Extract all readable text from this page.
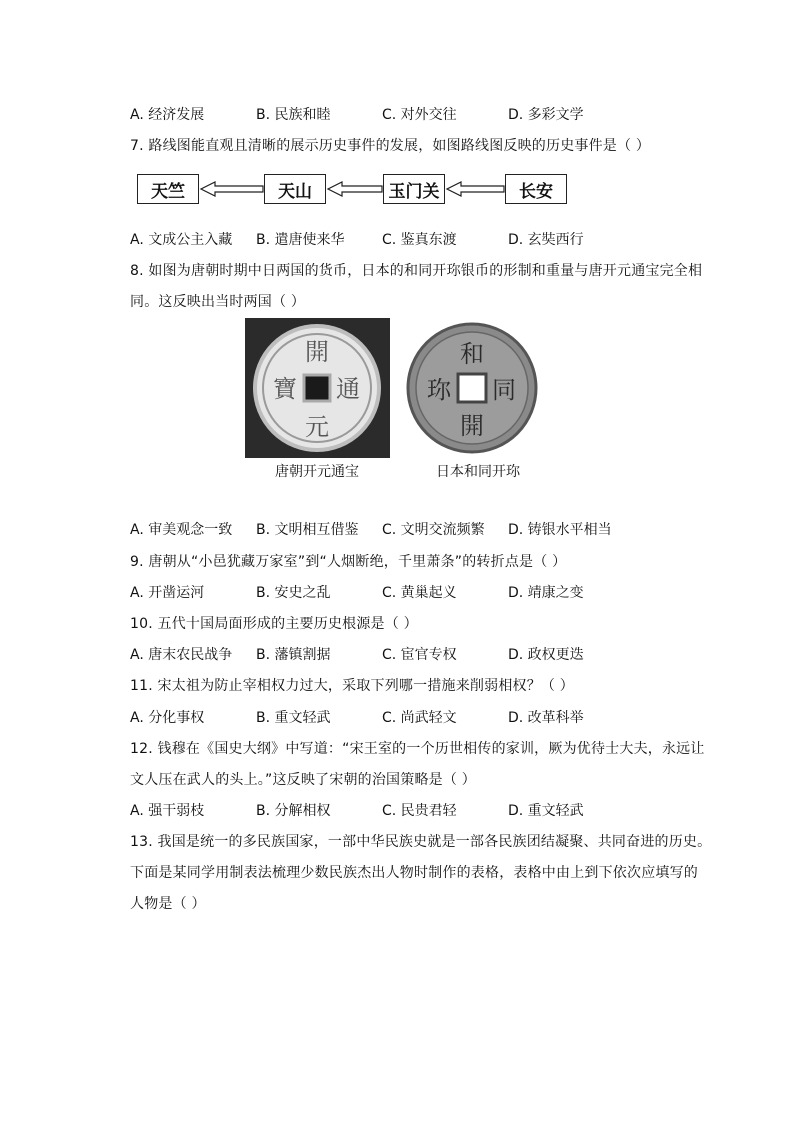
A. 经济发展	B. 民族和睦	C. 对外交往	D. 多彩文学
7. 路线图能直观且清晰的展示历史事件的发展，如图路线图反映的历史事件是（ ）
天竺	天山	玉门关	长安
A. 文成公主入藏 B. 遣唐使来华	C. 鉴真东渡	D. 玄奘西行
8. 如图为唐朝时期中日两国的货币，日本的和同开珎银币的形制和重量与唐开元通宝完全相
同。这反映出当时两国（ ）
開
通
元
寶
和
同
開
珎
唐朝开元通宝	日本和同开珎
A. 审美观念一致 B. 文明相互借鉴 C. 文明交流频繁 D. 铸银水平相当
9. 唐朝从“小邑犹藏万家室”到“人烟断绝，千里萧条”的转折点是（ ）
A. 开凿运河	B. 安史之乱	C. 黄巢起义	D. 靖康之变
10. 五代十国局面形成的主要历史根源是（ ）
A. 唐末农民战争 B. 藩镇割据	C. 宦官专权	D. 政权更迭
11. 宋太祖为防止宰相权力过大，采取下列哪一措施来削弱相权？（ ）
A. 分化事权	B. 重文轻武	C. 尚武轻文	D. 改革科举
12. 钱穆在《国史大纲》中写道：“宋王室的一个历世相传的家训，厥为优待士大夫，永远让
文人压在武人的头上。”这反映了宋朝的治国策略是（ ）
A. 强干弱枝	B. 分解相权	C. 民贵君轻	D. 重文轻武
13. 我国是统一的多民族国家，一部中华民族史就是一部各民族团结凝聚、共同奋进的历史。
下面是某同学用制表法梳理少数民族杰出人物时制作的表格，表格中由上到下依次应填写的
人物是（ ）
